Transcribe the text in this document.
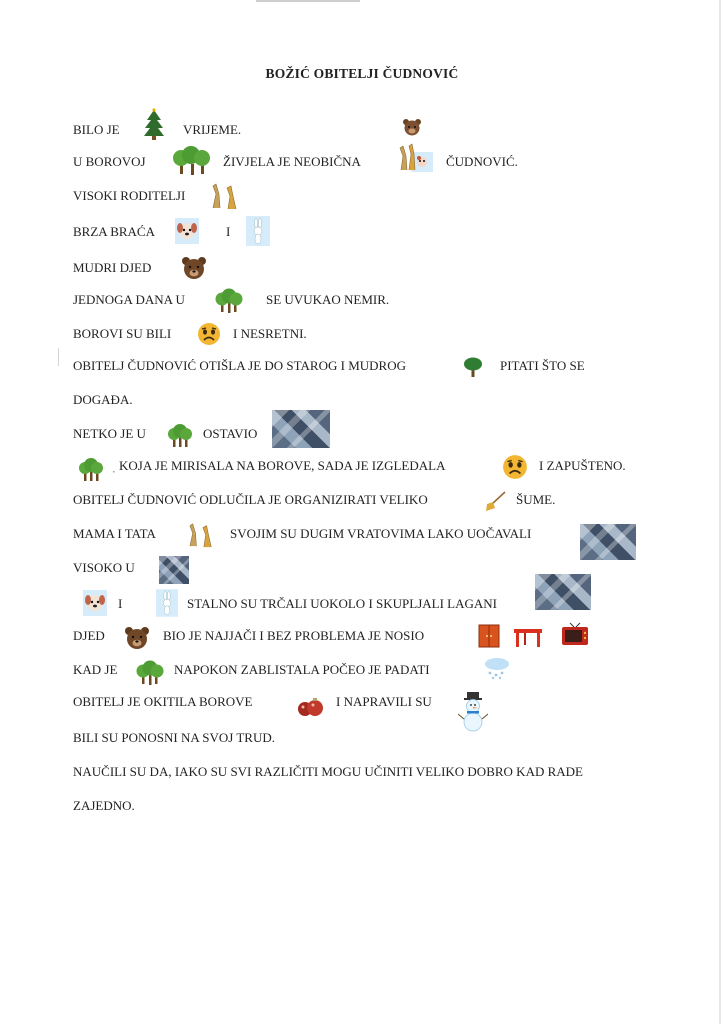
BOŽIĆ OBITELJI ČUDNOVIĆ
BILO JE	VRIJEME.
U BOROVOJ	ŽIVJELA JE NEOBIČNA	ČUDNOVIĆ.
VISOKI RODITELJI
BRZA BRAĆA	I
MUDRI DJED
JEDNOGA DANA U	SE UVUKAO NEMIR.
BOROVI SU BILI	I NESRETNI.
OBITELJ ČUDNOVIĆ OTIŠLA JE DO STAROG I MUDROG	PITATI ŠTO SE
DOGAĐA.
NETKO JE U	OSTAVIO
, KOJA JE MIRISALA NA BOROVE, SADA JE IZGLEDALA	I ZAPUŠTENO.
OBITELJ ČUDNOVIĆ ODLUČILA JE ORGANIZIRATI VELIKO	ŠUME.
MAMA I TATA	SVOJIM SU DUGIM VRATOVIMA LAKO UOČAVALI
VISOKO U
I	STALNO SU TRČALI UOKOLO I SKUPLJALI LAGANI
DJED	BIO JE NAJJAČI I BEZ PROBLEMA JE NOSIO
KAD JE	NAPOKON ZABLISTALA POČEO JE PADATI
OBITELJ JE OKITILA BOROVE	I NAPRAVILI SU
BILI SU PONOSNI NA SVOJ TRUD.
NAUČILI SU DA, IAKO SU SVI RAZLIČITI MOGU UČINITI VELIKO DOBRO KAD RADE
ZAJEDNO.
